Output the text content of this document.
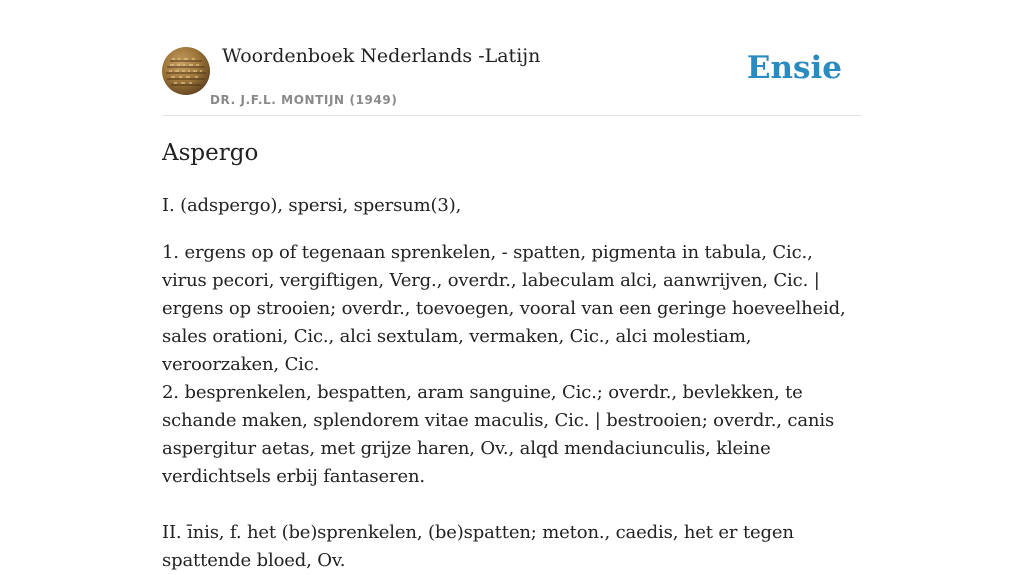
Woordenboek Nederlands -Latijn
DR. J.F.L. MONTIJN (1949)
Ensie
Aspergo

I. (adspergo), spersi, spersum(3),

1. ergens op of tegenaan sprenkelen, - spatten, pigmenta in tabula, Cic., virus pecori, vergiftigen, Verg., overdr., labeculam alci, aanwrijven, Cic. | ergens op strooien; overdr., toevoegen, vooral van een geringe hoeveelheid, sales orationi, Cic., alci sextulam, vermaken, Cic., alci molestiam, veroorzaken, Cic.

2. besprenkelen, bespatten, aram sanguine, Cic.; overdr., bevlekken, te schande maken, splendorem vitae maculis, Cic. | bestrooien; overdr., canis aspergitur aetas, met grijze haren, Ov., alqd mendaciunculis, kleine verdichtsels erbij fantaseren.

II. īnis, f. het (be)sprenkelen, (be)spatten; meton., caedis, het er tegen spattende bloed, Ov.
